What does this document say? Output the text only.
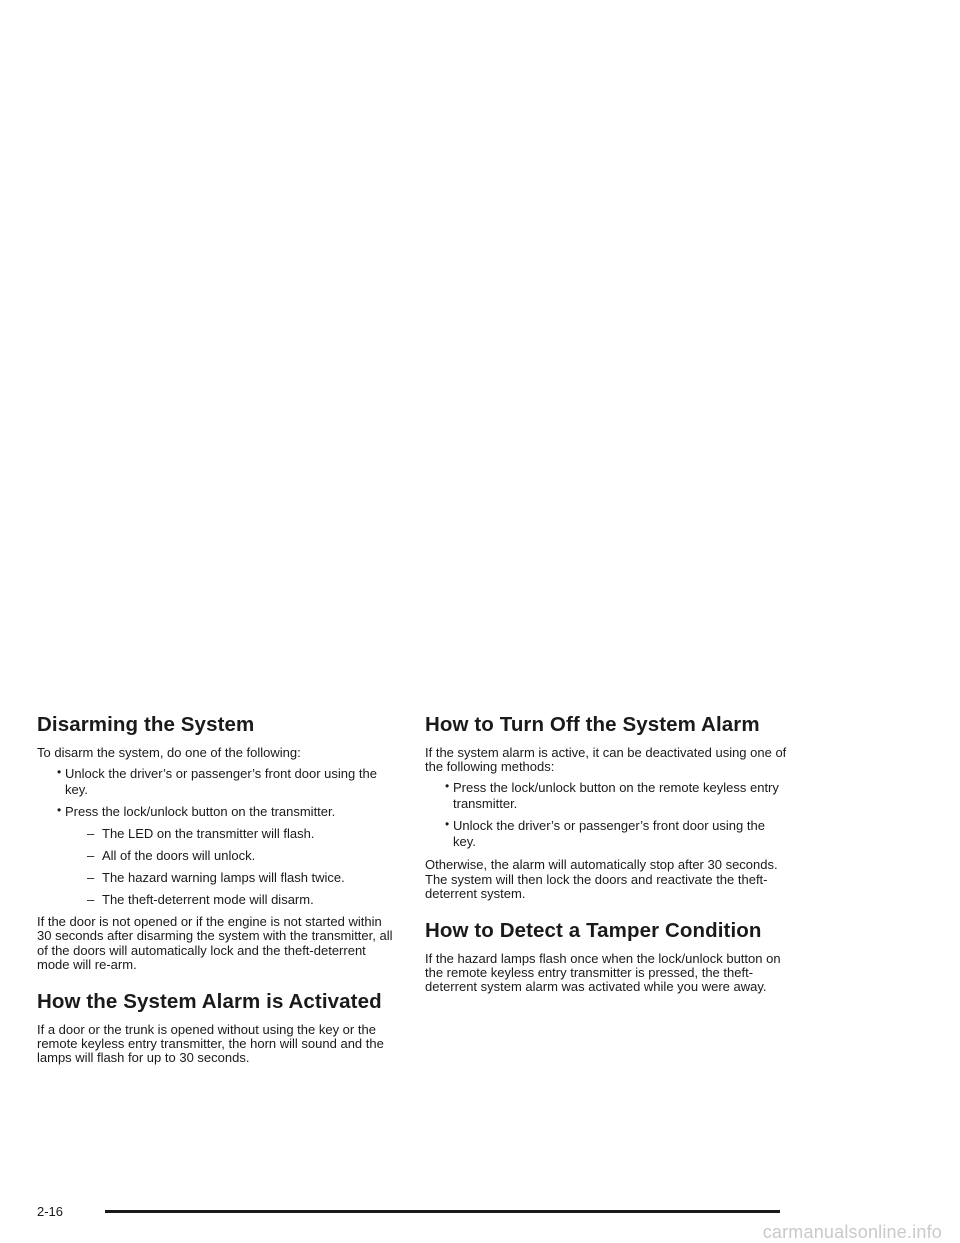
Disarming the System

To disarm the system, do one of the following:

• Unlock the driver’s or passenger’s front door using the key.
• Press the lock/unlock button on the transmitter.
– The LED on the transmitter will flash.
– All of the doors will unlock.
– The hazard warning lamps will flash twice.
– The theft-deterrent mode will disarm.

If the door is not opened or if the engine is not started within 30 seconds after disarming the system with the transmitter, all of the doors will automatically lock and the theft-deterrent mode will re-arm.

How the System Alarm is Activated

If a door or the trunk is opened without using the key or the remote keyless entry transmitter, the horn will sound and the lamps will flash for up to 30 seconds.

How to Turn Off the System Alarm

If the system alarm is active, it can be deactivated using one of the following methods:

• Press the lock/unlock button on the remote keyless entry transmitter.
• Unlock the driver’s or passenger’s front door using the key.

Otherwise, the alarm will automatically stop after 30 seconds. The system will then lock the doors and reactivate the theft-deterrent system.

How to Detect a Tamper Condition

If the hazard lamps flash once when the lock/unlock button on the remote keyless entry transmitter is pressed, the theft-deterrent system alarm was activated while you were away.

2-16
carmanualsonline.info
